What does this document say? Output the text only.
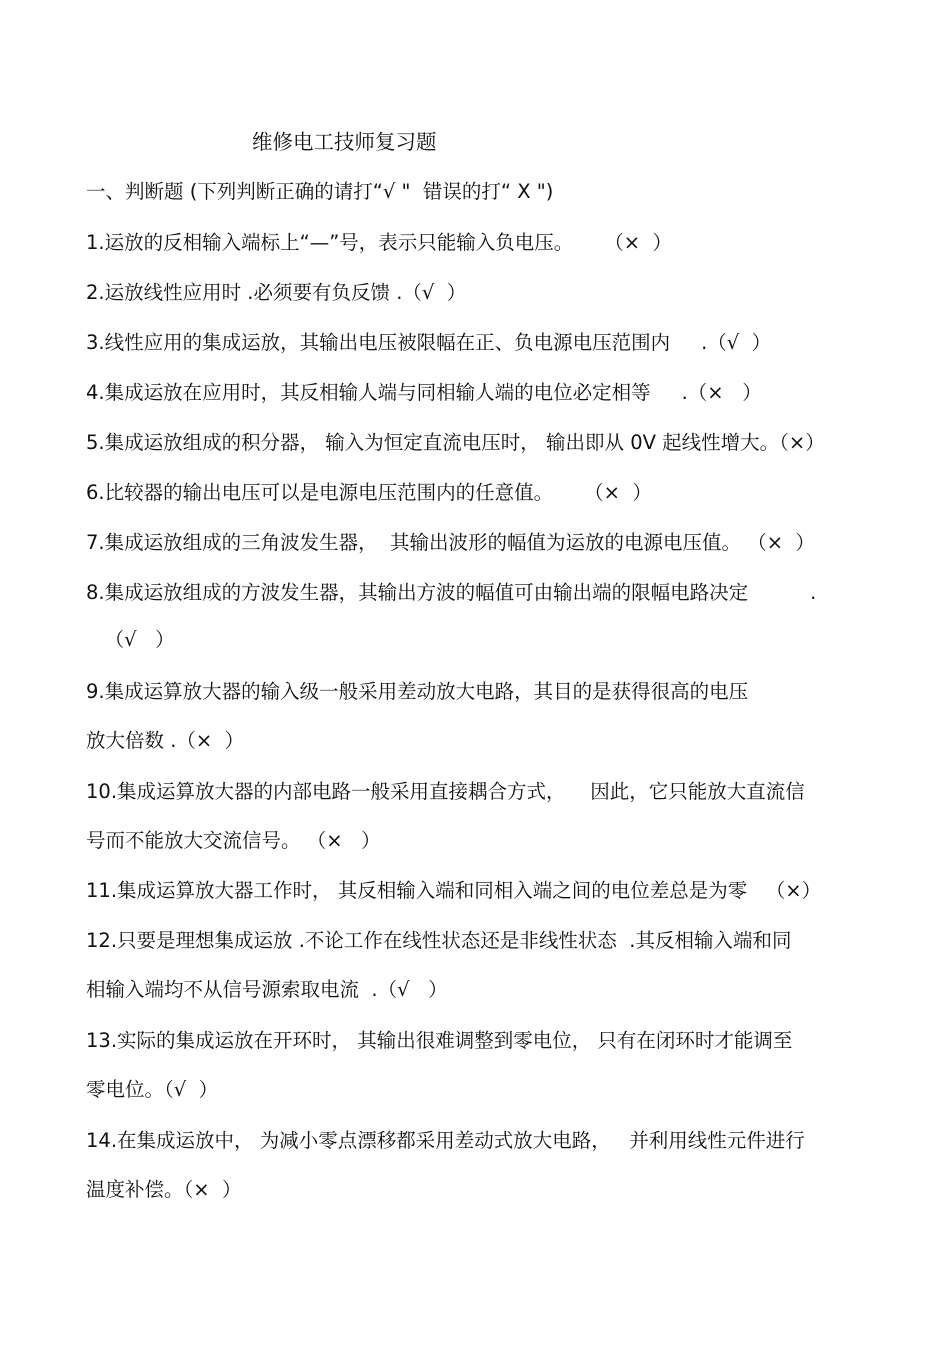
维修电工技师复习题
一、判断题 (下列判断正确的请打“√ "  错误的打“ X ")
1.运放的反相输入端标上“—”号，表示只能输入负电压。     （×  ）
2.运放线性应用时 .必须要有负反馈 .（√  ）
3.线性应用的集成运放，其输出电压被限幅在正、负电源电压范围内     .（√  ）
4.集成运放在应用时，其反相输人端与同相输人端的电位必定相等     .（×   ）
5.集成运放组成的积分器， 输入为恒定直流电压时， 输出即从 0V 起线性增大。（×）
6.比较器的输出电压可以是电源电压范围内的任意值。     （×  ）
7.集成运放组成的三角波发生器，  其输出波形的幅值为运放的电源电压值。 （×  ）
8.集成运放组成的方波发生器，其输出方波的幅值可由输出端的限幅电路决定          .
（√   ）
9.集成运算放大器的输入级一般采用差动放大电路，其目的是获得很高的电压
放大倍数 .（×  ）
10.集成运算放大器的内部电路一般采用直接耦合方式，    因此，它只能放大直流信
号而不能放大交流信号。 （×   ）
11.集成运算放大器工作时， 其反相输入端和同相入端之间的电位差总是为零   （×）
12.只要是理想集成运放 .不论工作在线性状态还是非线性状态  .其反相输入端和同
相输入端均不从信号源索取电流  .（√   ）
13.实际的集成运放在开环时， 其输出很难调整到零电位， 只有在闭环时才能调至
零电位。（√  ）
14.在集成运放中， 为减小零点漂移都采用差动式放大电路，   并利用线性元件进行
温度补偿。（×  ）
